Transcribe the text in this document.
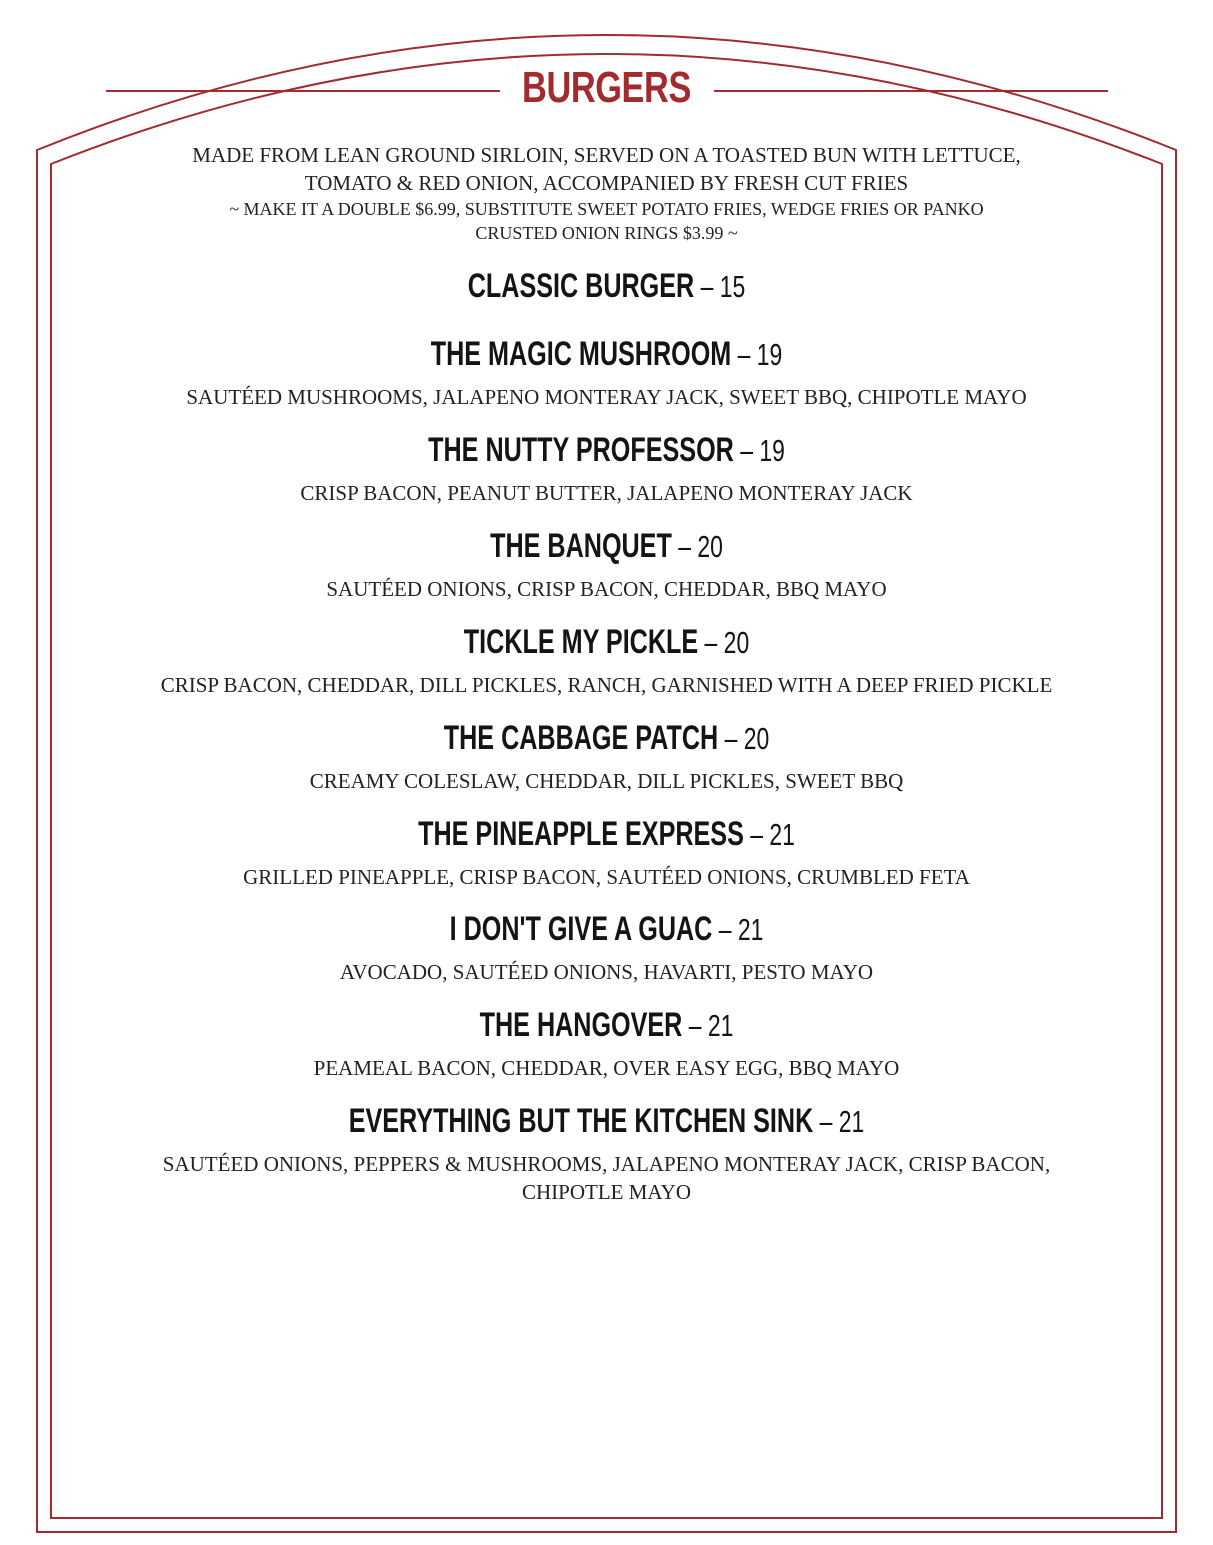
BURGERS
MADE FROM LEAN GROUND SIRLOIN, SERVED ON A TOASTED BUN WITH LETTUCE,
TOMATO & RED ONION, ACCOMPANIED BY FRESH CUT FRIES
~ MAKE IT A DOUBLE $6.99, SUBSTITUTE SWEET POTATO FRIES, WEDGE FRIES OR PANKO
CRUSTED ONION RINGS $3.99 ~
CLASSIC BURGER – 15
THE MAGIC MUSHROOM – 19
SAUTÉED MUSHROOMS, JALAPENO MONTERAY JACK, SWEET BBQ, CHIPOTLE MAYO
THE NUTTY PROFESSOR – 19
CRISP BACON, PEANUT BUTTER, JALAPENO MONTERAY JACK
THE BANQUET – 20
SAUTÉED ONIONS, CRISP BACON, CHEDDAR, BBQ MAYO
TICKLE MY PICKLE – 20
CRISP BACON, CHEDDAR, DILL PICKLES, RANCH, GARNISHED WITH A DEEP FRIED PICKLE
THE CABBAGE PATCH – 20
CREAMY COLESLAW, CHEDDAR, DILL PICKLES, SWEET BBQ
THE PINEAPPLE EXPRESS – 21
GRILLED PINEAPPLE, CRISP BACON, SAUTÉED ONIONS, CRUMBLED FETA
I DON'T GIVE A GUAC – 21
AVOCADO, SAUTÉED ONIONS, HAVARTI, PESTO MAYO
THE HANGOVER – 21
PEAMEAL BACON, CHEDDAR, OVER EASY EGG, BBQ MAYO
EVERYTHING BUT THE KITCHEN SINK – 21
SAUTÉED ONIONS, PEPPERS & MUSHROOMS, JALAPENO MONTERAY JACK, CRISP BACON,
CHIPOTLE MAYO
